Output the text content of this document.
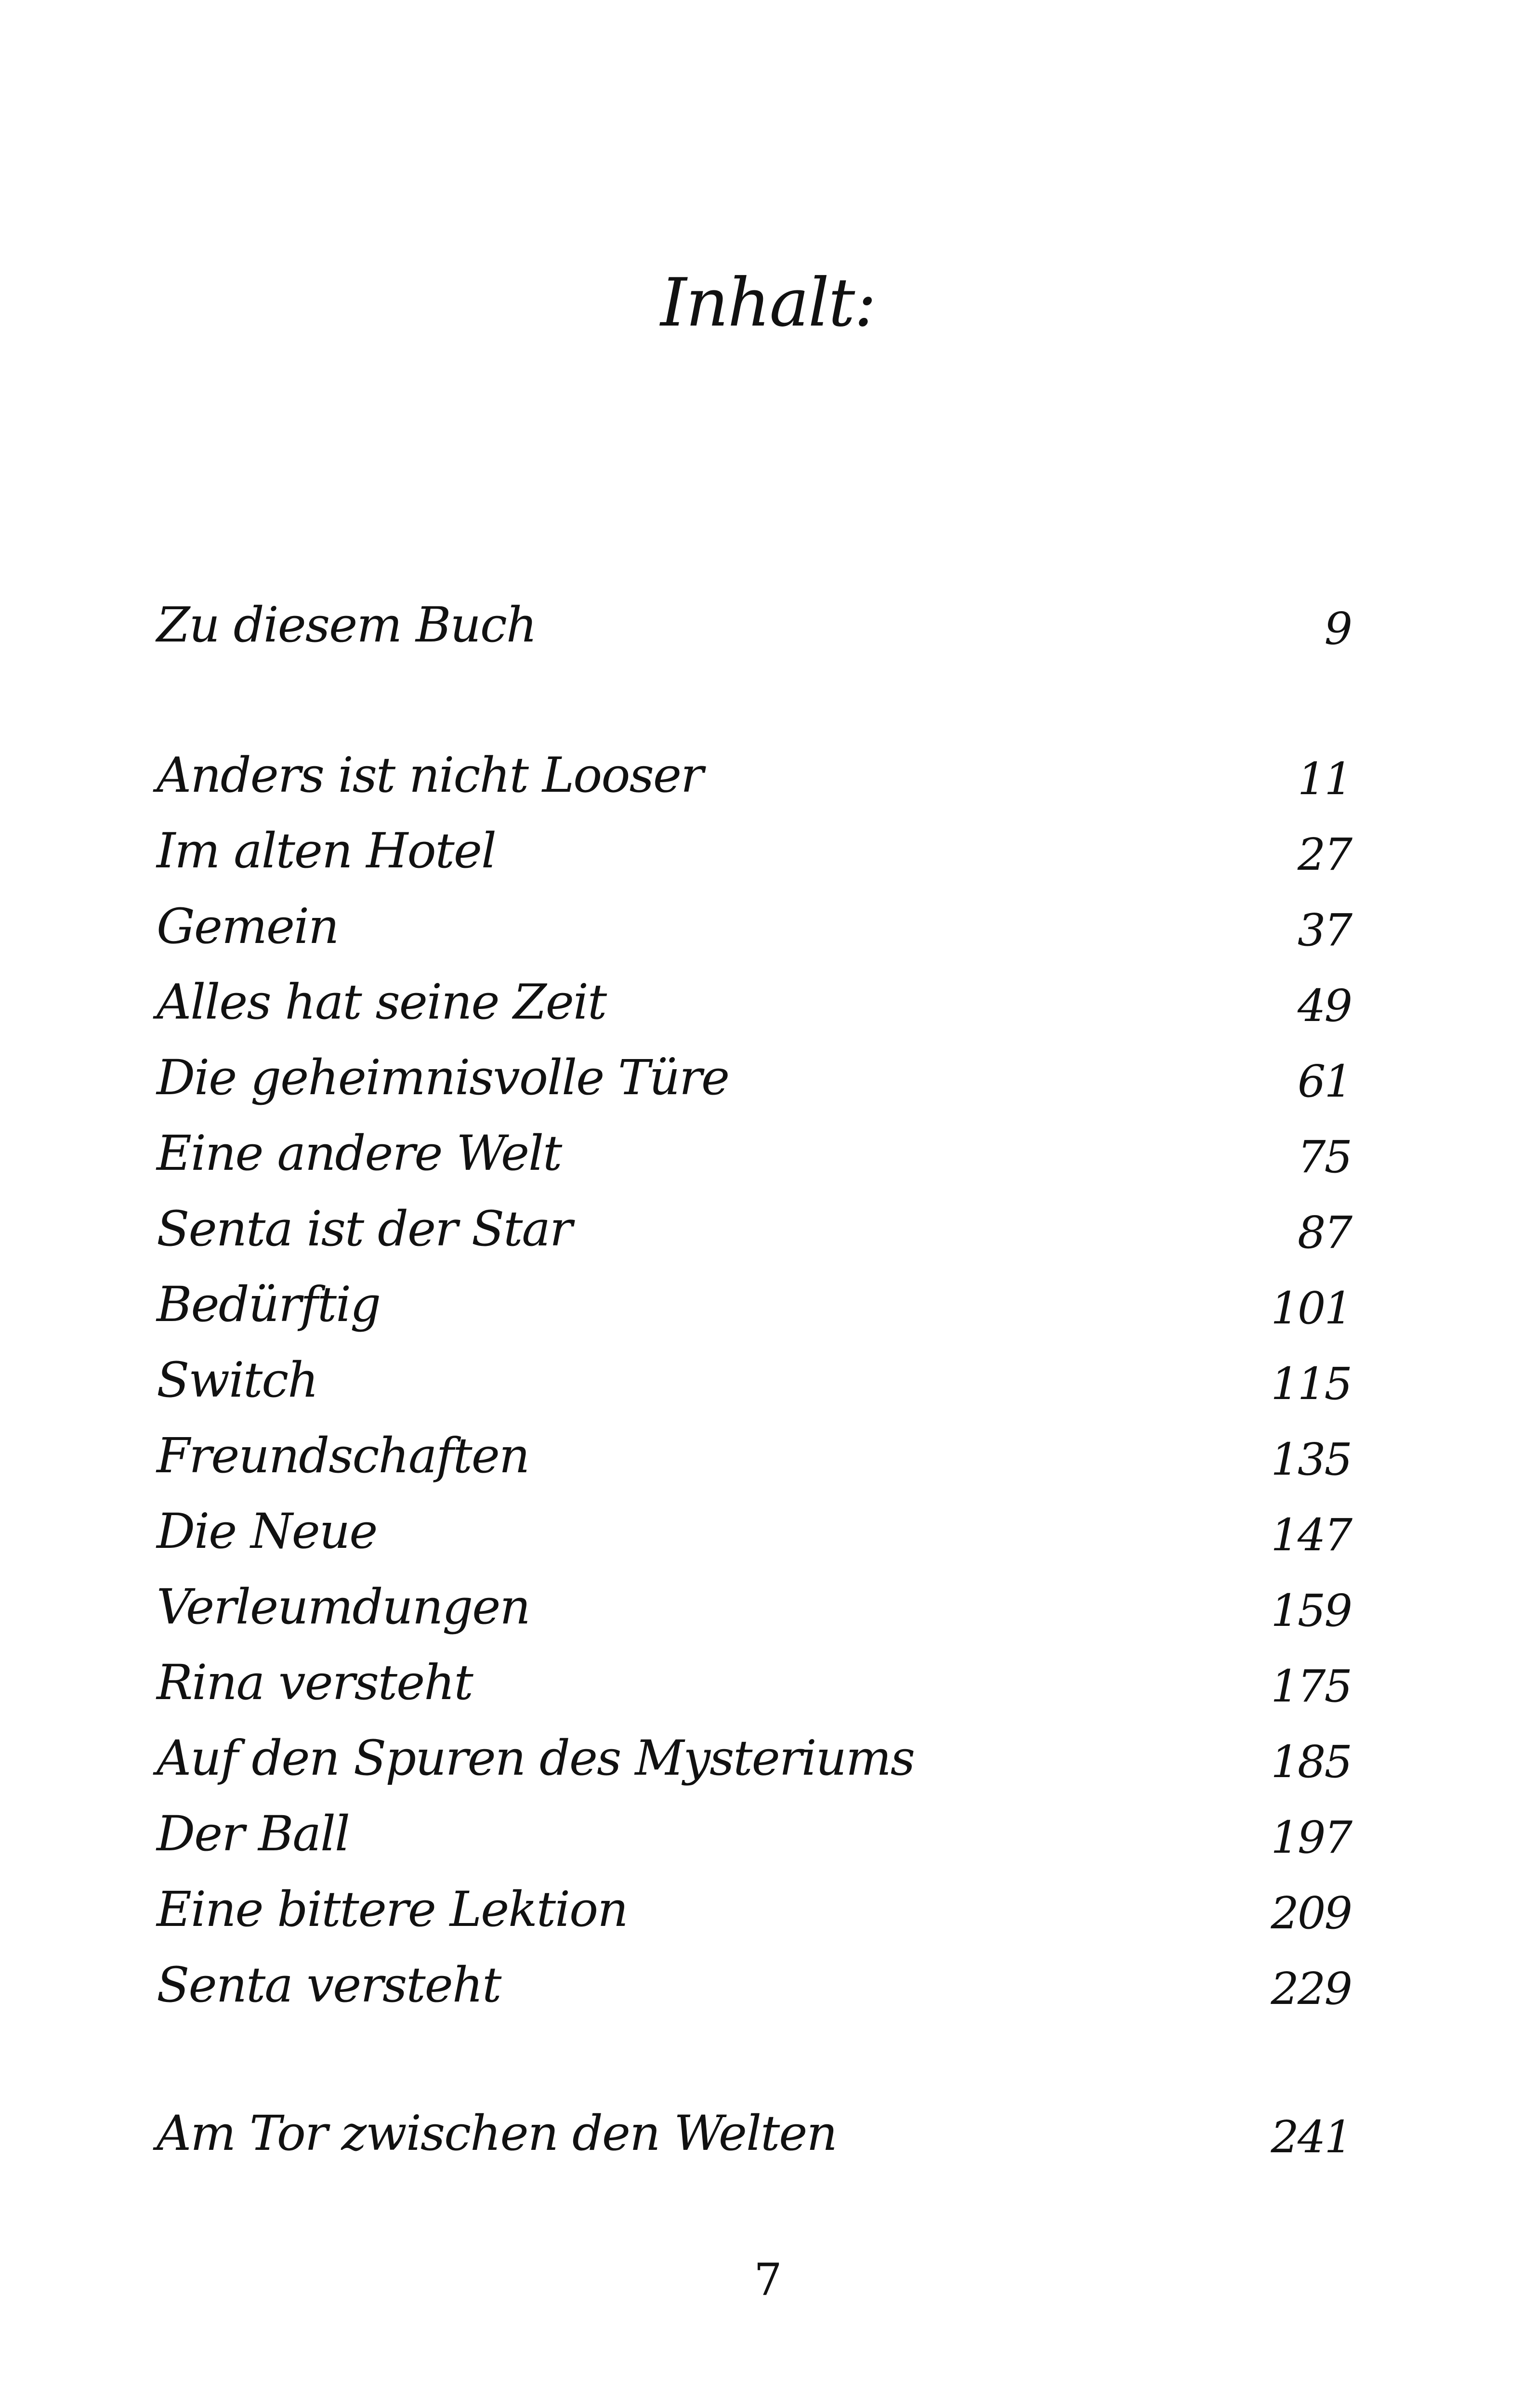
Inhalt:
Zu diesem Buch	9
Anders ist nicht Looser	11
Im alten Hotel	27
Gemein	37
Alles hat seine Zeit	49
Die geheimnisvolle Türe	61
Eine andere Welt	75
Senta ist der Star	87
Bedürftig	101
Switch	115
Freundschaften	135
Die Neue	147
Verleumdungen	159
Rina versteht	175
Auf den Spuren des Mysteriums	185
Der Ball	197
Eine bittere Lektion	209
Senta versteht	229
Am Tor zwischen den Welten	241
7
